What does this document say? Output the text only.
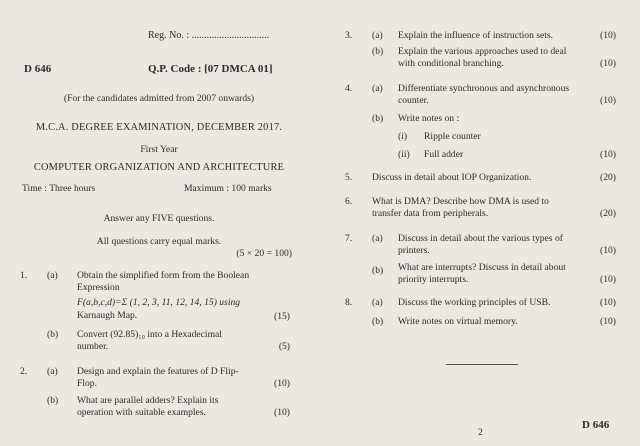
Reg. No. : ...............................
D 646	Q.P. Code : [07 DMCA 01]
(For the candidates admitted from 2007 onwards)
M.C.A. DEGREE EXAMINATION, DECEMBER 2017.
First Year
COMPUTER ORGANIZATION AND ARCHITECTURE
Time : Three hours	Maximum : 100 marks
Answer any FIVE questions.
All questions carry equal marks.
(5 × 20 = 100)
1. (a) Obtain the simplified form from the Boolean
Expression
F(a,b,c,d)=Σ (1, 2, 3, 11, 12, 14, 15) using
Karnaugh Map.	(15)
(b) Convert (92.85)₁₀ into a Hexadecimal
number.	(5)
2. (a) Design and explain the features of D Flip-
Flop.	(10)
(b) What are parallel adders? Explain its
operation with suitable examples.	(10)
3. (a) Explain the influence of instruction sets.	(10)
(b) Explain the various approaches used to deal
with conditional branching.	(10)
4. (a) Differentiate synchronous and asynchronous
counter.	(10)
(b) Write notes on :
(i) Ripple counter
(ii) Full adder	(10)
5. Discuss in detail about IOP Organization.	(20)
6. What is DMA? Describe how DMA is used to
transfer data from peripherals.	(20)
7. (a) Discuss in detail about the various types of
printers.	(10)
(b) What are interrupts? Discuss in detail about
priority interrupts.	(10)
8. (a) Discuss the working principles of USB.	(10)
(b) Write notes on virtual memory.	(10)
2
D 646
